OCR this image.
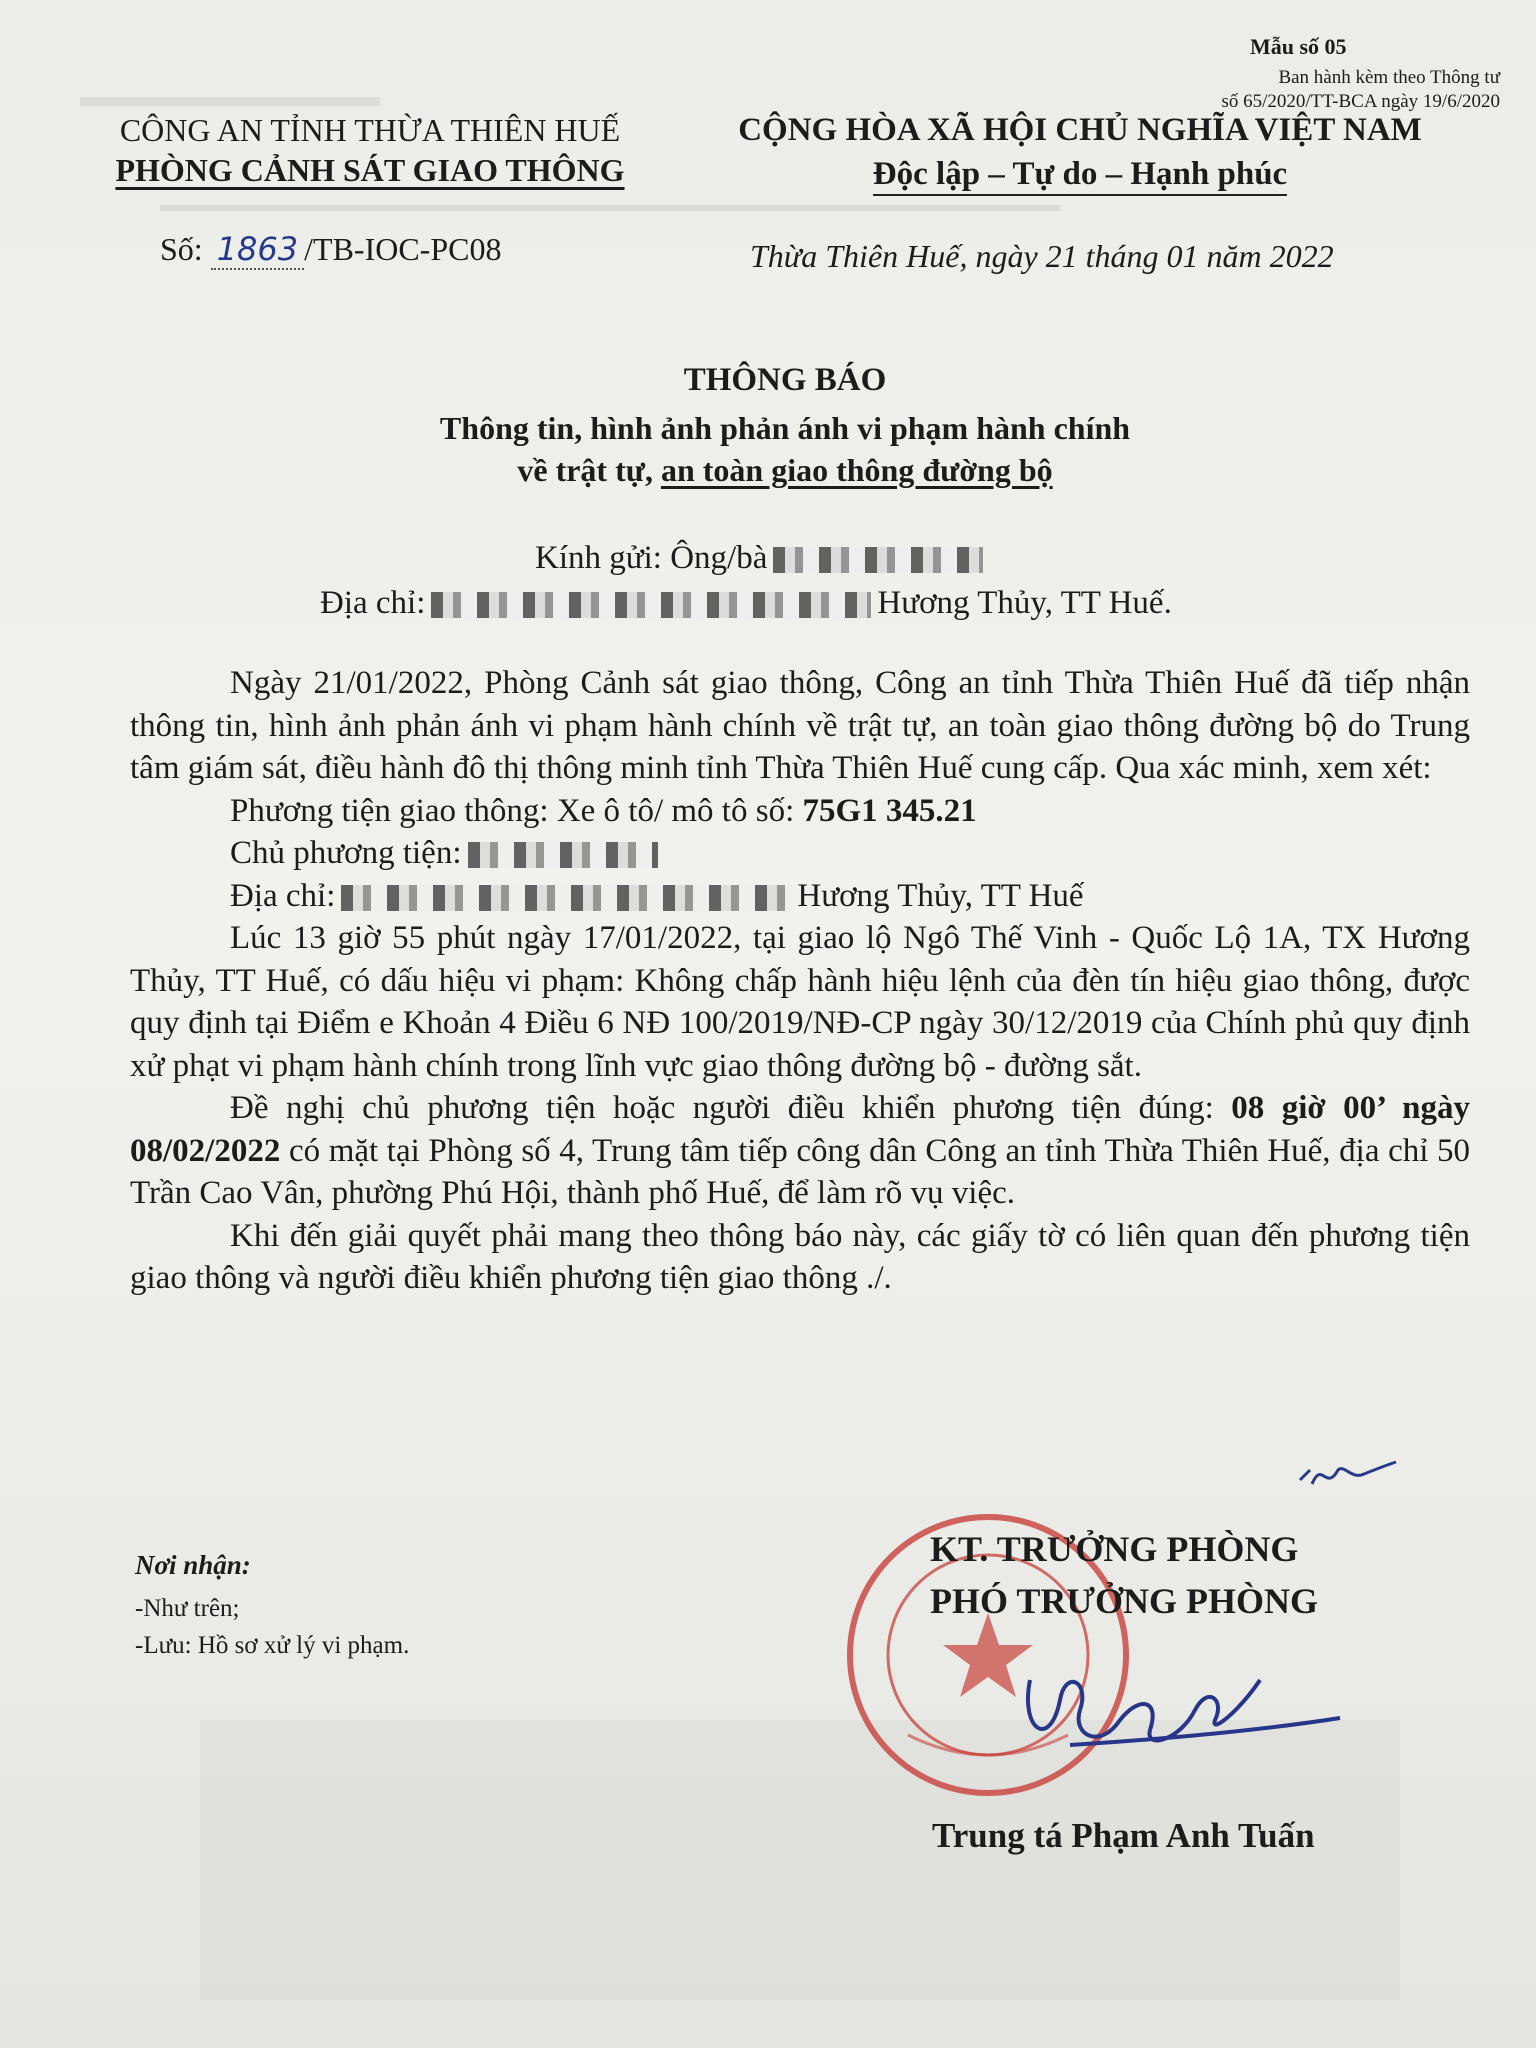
▬▬▬▬▬▬▬▬▬▬
Mẫu số 05
Ban hành kèm theo Thông tư
số 65/2020/TT-BCA ngày 19/6/2020
CÔNG AN TỈNH THỪA THIÊN HUẾ
PHÒNG CẢNH SÁT GIAO THÔNG
CỘNG HÒA XÃ HỘI CHỦ NGHĨA VIỆT NAM
Độc lập – Tự do – Hạnh phúc
Số: 1863 /TB-IOC-PC08	Thừa Thiên Huế, ngày 21 tháng 01 năm 2022
THÔNG BÁO
Thông tin, hình ảnh phản ánh vi phạm hành chính
về trật tự, an toàn giao thông đường bộ
Kính gửi: Ông/bà
Địa chỉ:	Hương Thủy, TT Huế.

Ngày 21/01/2022, Phòng Cảnh sát giao thông, Công an tỉnh Thừa Thiên Huế đã tiếp nhận thông tin, hình ảnh phản ánh vi phạm hành chính về trật tự, an toàn giao thông đường bộ do Trung tâm giám sát, điều hành đô thị thông minh tỉnh Thừa Thiên Huế cung cấp. Qua xác minh, xem xét:

Phương tiện giao thông: Xe ô tô/ mô tô số: 75G1 345.21

Chủ phương tiện:

Địa chỉ:	Hương Thủy, TT Huế

Lúc 13 giờ 55 phút ngày 17/01/2022, tại giao lộ Ngô Thế Vinh - Quốc Lộ 1A, TX Hương Thủy, TT Huế, có dấu hiệu vi phạm: Không chấp hành hiệu lệnh của đèn tín hiệu giao thông, được quy định tại Điểm e Khoản 4 Điều 6 NĐ 100/2019/NĐ-CP ngày 30/12/2019 của Chính phủ quy định xử phạt vi phạm hành chính trong lĩnh vực giao thông đường bộ - đường sắt.

Đề nghị chủ phương tiện hoặc người điều khiển phương tiện đúng: 08 giờ 00’ ngày 08/02/2022 có mặt tại Phòng số 4, Trung tâm tiếp công dân Công an tỉnh Thừa Thiên Huế, địa chỉ 50 Trần Cao Vân, phường Phú Hội, thành phố Huế, để làm rõ vụ việc.

Khi đến giải quyết phải mang theo thông báo này, các giấy tờ có liên quan đến phương tiện giao thông và người điều khiển phương tiện giao thông ./.

Nơi nhận:
-Như trên;
-Lưu: Hồ sơ xử lý vi phạm.
KT. TRƯỞNG PHÒNG
PHÓ TRƯỞNG PHÒNG
Trung tá Phạm Anh Tuấn
